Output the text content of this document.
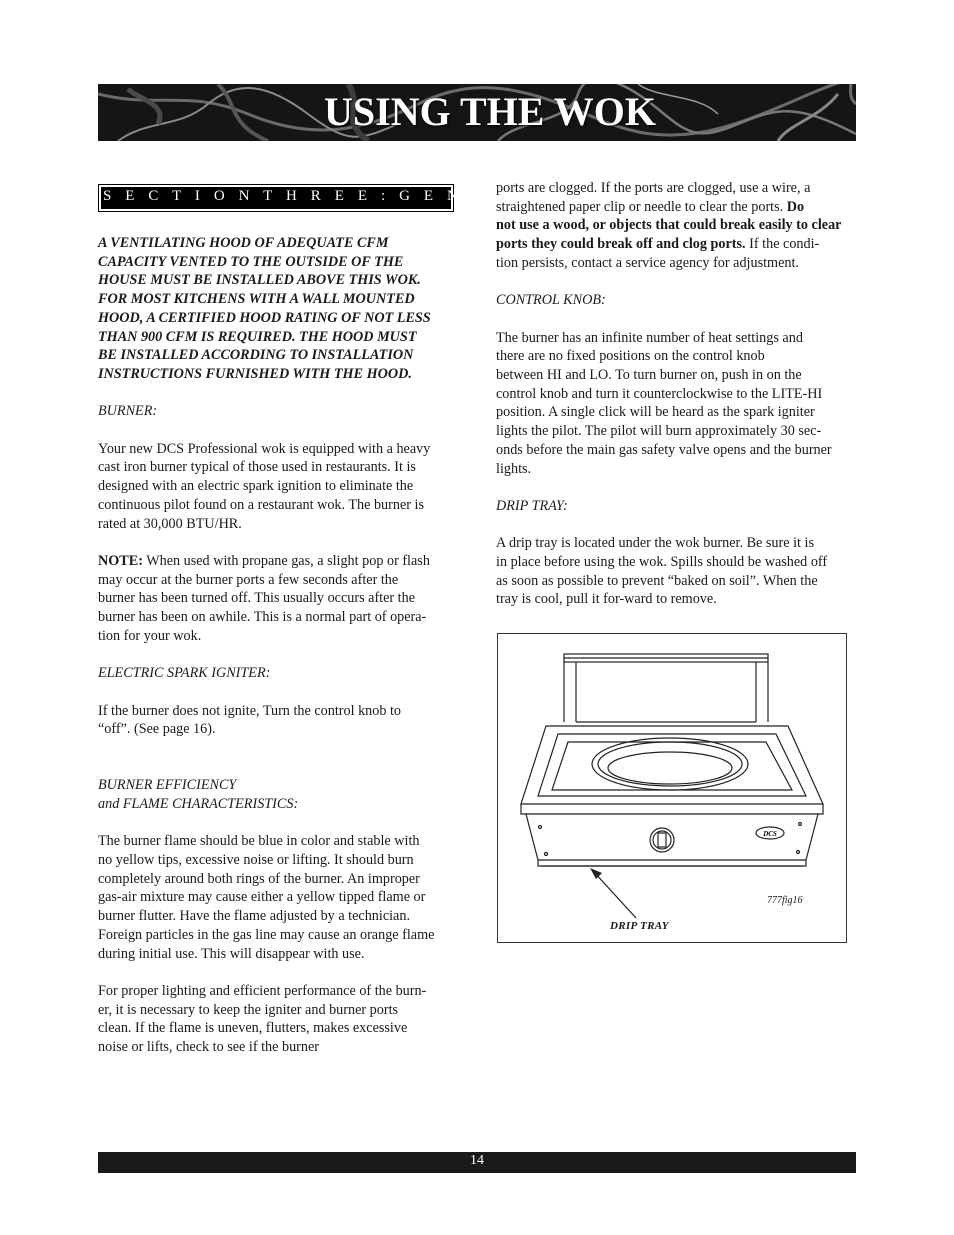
USING THE WOK
S E C T I O N T H R E E : G E N E R A L U S E

A VENTILATING HOOD OF ADEQUATE CFM

CAPACITY VENTED TO THE OUTSIDE OF THE

HOUSE MUST BE INSTALLED ABOVE THIS WOK.

FOR MOST KITCHENS WITH A WALL MOUNTED

HOOD, A CERTIFIED HOOD RATING OF NOT LESS

THAN 900 CFM IS REQUIRED. THE HOOD MUST

BE INSTALLED ACCORDING TO INSTALLATION

INSTRUCTIONS FURNISHED WITH THE HOOD.

BURNER:

Your new DCS Professional wok is equipped with a heavy

cast iron burner typical of those used in restaurants. It is

designed with an electric spark ignition to eliminate the

continuous pilot found on a restaurant wok. The burner is

rated at 30,000 BTU/HR.

NOTE: When used with propane gas, a slight pop or flash

may occur at the burner ports a few seconds after the

burner has been turned off. This usually occurs after the

burner has been on awhile. This is a normal part of opera-

tion for your wok.

ELECTRIC SPARK IGNITER:

If the burner does not ignite, Turn the control knob to

“off”. (See page 16).

BURNER EFFICIENCY

and FLAME CHARACTERISTICS:

The burner flame should be blue in color and stable with

no yellow tips, excessive noise or lifting. It should burn

completely around both rings of the burner. An improper

gas-air mixture may cause either a yellow tipped flame or

burner flutter. Have the flame adjusted by a technician.

Foreign particles in the gas line may cause an orange flame

during initial use. This will disappear with use.

For proper lighting and efficient performance of the burn-

er, it is necessary to keep the igniter and burner ports

clean. If the flame is uneven, flutters, makes excessive

noise or lifts, check to see if the burner

ports are clogged. If the ports are clogged, use a wire, a

straightened paper clip or needle to clear the ports. Do

not use a wood, or objects that could break easily to clear

ports they could break off and clog ports. If the condi-

tion persists, contact a service agency for adjustment.

CONTROL KNOB:

The burner has an infinite number of heat settings and

there are no fixed positions on the control knob

between HI and LO. To turn burner on, push in on the

control knob and turn it counterclockwise to the LITE-HI

position. A single click will be heard as the spark igniter

lights the pilot. The pilot will burn approximately 30 sec-

onds before the main gas safety valve opens and the burner

lights.

DRIP TRAY:

A drip tray is located under the wok burner. Be sure it is

in place before using the wok. Spills should be washed off

as soon as possible to prevent “baked on soil”. When the

tray is cool, pull it for-ward to remove.

DCS
777fig16
DRIP TRAY
14
